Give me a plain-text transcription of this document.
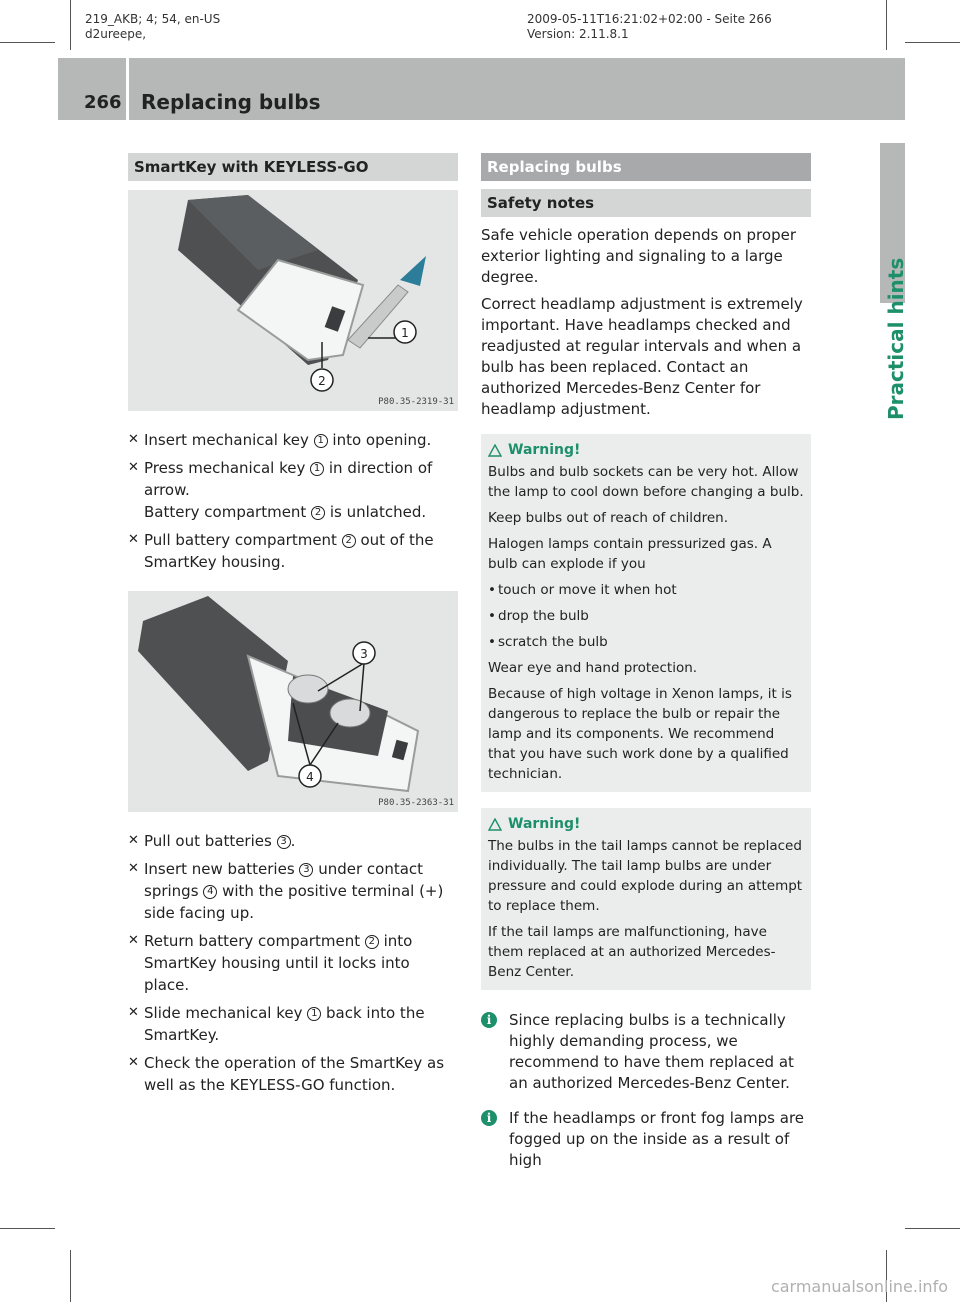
219_AKB; 4; 54, en-US
d2ureepe,
2009-05-11T16:21:02+02:00 - Seite 266
Version: 2.11.8.1
266 Replacing bulbs
Practical hints
SmartKey with KEYLESS-GO
1
2
P80.35-2319-31
✕ Insert mechanical key 1 into opening.
✕ Press mechanical key 1 in direction of arrow.
Battery compartment 2 is unlatched.
✕ Pull battery compartment 2 out of the SmartKey housing.
3
4
P80.35-2363-31
✕ Pull out batteries 3 .
✕ Insert new batteries 3 under contact springs 4 with the positive terminal (+) side facing up.
✕ Return battery compartment 2 into SmartKey housing until it locks into place.
✕ Slide mechanical key 1 back into the SmartKey.
✕ Check the operation of the SmartKey as well as the KEYLESS-GO function.
Replacing bulbs
Safety notes

Safe vehicle operation depends on proper exterior lighting and signaling to a large degree.

Correct headlamp adjustment is extremely important. Have headlamps checked and readjusted at regular intervals and when a bulb has been replaced. Contact an authorized Mercedes-Benz Center for headlamp adjustment.

Warning!

Bulbs and bulb sockets can be very hot. Allow the lamp to cool down before changing a bulb.

Keep bulbs out of reach of children.

Halogen lamps contain pressurized gas. A bulb can explode if you

• touch or move it when hot

• drop the bulb

• scratch the bulb

Wear eye and hand protection.

Because of high voltage in Xenon lamps, it is dangerous to replace the bulb or repair the lamp and its components. We recommend that you have such work done by a qualified technician.

Warning!

The bulbs in the tail lamps cannot be replaced individually. The tail lamp bulbs are under pressure and could explode during an attempt to replace them.

If the tail lamps are malfunctioning, have them replaced at an authorized Mercedes-Benz Center.

i	Since replacing bulbs is a technically highly demanding process, we recommend to have them replaced at an authorized Mercedes-Benz Center.
i	If the headlamps or front fog lamps are fogged up on the inside as a result of high
carmanualsonline.info
